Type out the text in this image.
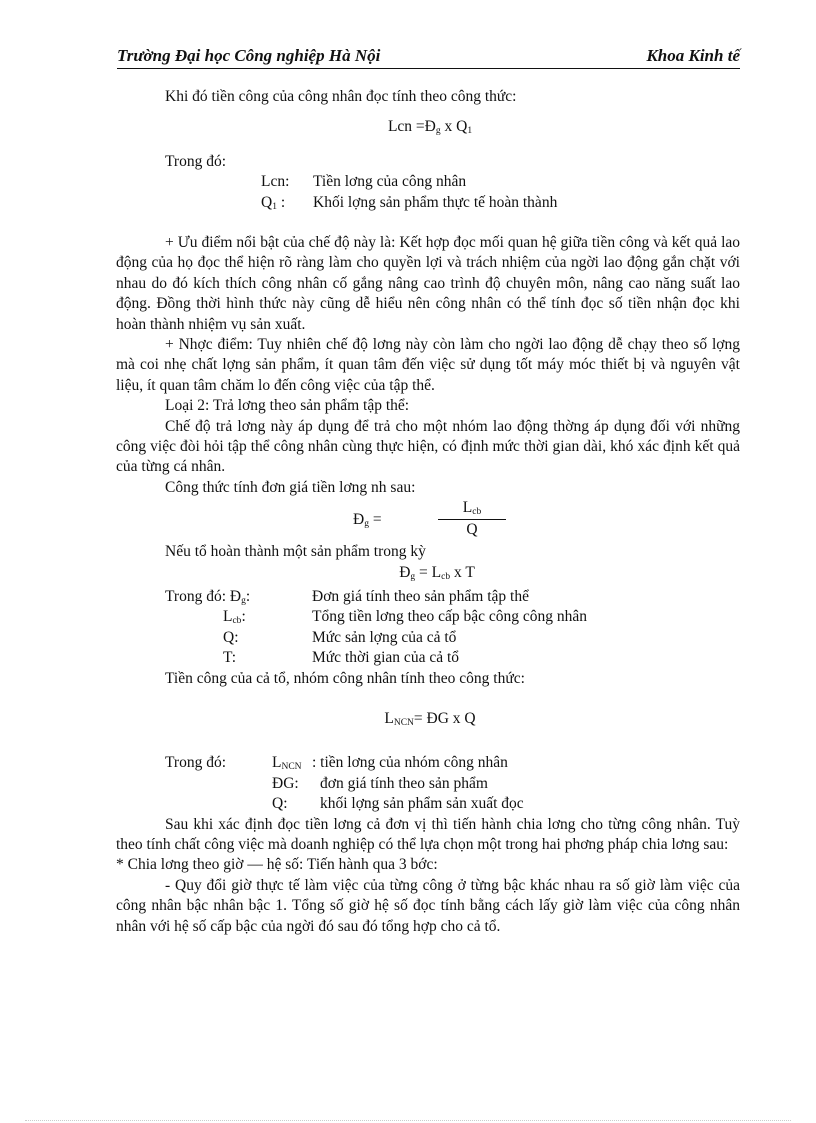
Trường Đại học Công nghiệp Hà Nội	Khoa Kinh tế

Khi đó tiền công của công nhân đọc tính theo công thức:

Lcn $=Đ_g$ x $Q_1$

Trong đó:

Lcn: Tiền lơng của công nhân
$Q_1$ : Khối lợng sản phẩm thực tế hoàn thành

+ Ưu điểm nổi bật của chế độ này là: Kết hợp đọc mối quan hệ giữa tiền công và kết quả lao động của họ đọc thể hiện rõ ràng làm cho quyền lợi và trách nhiệm của ngời lao động gắn chặt với nhau do đó kích thích công nhân cố gắng nâng cao trình độ chuyên môn, nâng cao năng suất lao động. Đồng thời hình thức này cũng dễ hiểu nên công nhân có thể tính đọc số tiền nhận đọc khi hoàn thành nhiệm vụ sản xuất.

+ Nhợc điểm: Tuy nhiên chế độ lơng này còn làm cho ngời lao động dễ chạy theo số lợng mà coi nhẹ chất lợng sản phẩm, ít quan tâm đến việc sử dụng tốt máy móc thiết bị và nguyên vật liệu, ít quan tâm chăm lo đến công việc của tập thể.

Loại 2: Trả lơng theo sản phẩm tập thể:

Chế độ trả lơng này áp dụng để trả cho một nhóm lao động thờng áp dụng đối với những công việc đòi hỏi tập thể công nhân cùng thực hiện, có định mức thời gian dài, khó xác định kết quả của từng cá nhân.

Công thức tính đơn giá tiền lơng nh sau:

$Đ_g$ =
$L_{cb}$
Q

Nếu tổ hoàn thành một sản phẩm trong kỳ

$Đ_g = L_{cb}$ x T

Trong đó: $Đ_g$:	Đơn giá tính theo sản phẩm tập thể
$L_{cb}$:	Tổng tiền lơng theo cấp bậc công công nhân
Q:	Mức sản lợng của cả tổ
T:	Mức thời gian của cả tổ

Tiền công của cả tổ, nhóm công nhân tính theo công thức:

$L_{NCN}=$ ĐG x Q

Trong đó:	$L_{NCN}$ : tiền lơng của nhóm công nhân
ĐG: đơn giá tính theo sản phẩm
Q: khối lợng sản phẩm sản xuất đọc

Sau khi xác định đọc tiền lơng cả đơn vị thì tiến hành chia lơng cho từng công nhân. Tuỳ theo tính chất công việc mà doanh nghiệp có thể lựa chọn một trong hai phơng pháp chia lơng sau:

* Chia lơng theo giờ — hệ số: Tiến hành qua 3 bớc:

- Quy đổi giờ thực tế làm việc của từng công ở từng bậc khác nhau ra số giờ làm việc của công nhân bậc nhân bậc 1. Tổng số giờ hệ số đọc tính bằng cách lấy giờ làm việc của công nhân nhân với hệ số cấp bậc của ngời đó sau đó tổng hợp cho cả tổ.
